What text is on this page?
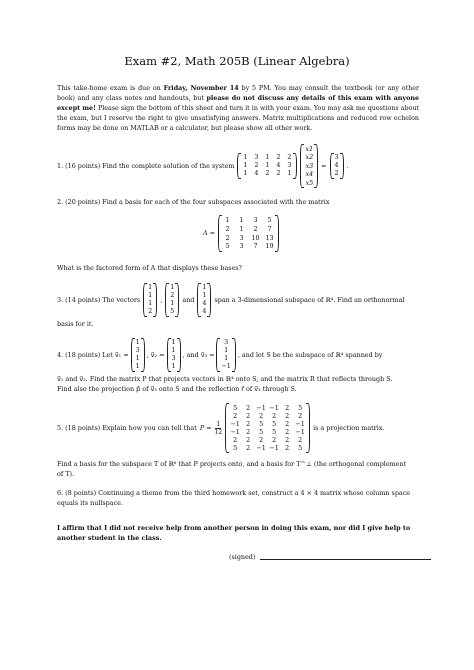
Exam #2, Math 205B (Linear Algebra)
This take-home exam is due on Friday, November 14 by 5 PM. You may consult the textbook (or any other book) and any class notes and handouts, but please do not discuss any details of this exam with anyone except me! Please sign the bottom of this sheet and turn it in with your exam. You may ask me questions about the exam, but I reserve the right to give unsatisfying answers. Matrix multiplications and reduced row echelon forms may be done on MATLAB or a calculator, but please show all other work.
1. (16 points) Find the complete solution of the system
1 3 1 2 2
1 2 1 4 3
1 4 2 2 1
x1
x2
x3
x4
x5
=
3
4
2
.
2. (20 points) Find a basis for each of the four subspaces associated with the matrix
A =
1	1	3	5
2	1	2	7
2	3	10 13
5	3	7	19
What is the factored form of A that displays these bases?
3. (14 points) The vectors
1
1
1
2
,
1
2
1
5
and
1
1
4
4
span a 3-dimensional subspace of ℝ⁴. Find an orthonormal
basis for it.
4. (18 points) Let v⃗₁ =
1
3
1
1
, v⃗₂ =
1
1
3
1
, and v⃗₃ =
3
1
1
−1
, and let S be the subspace of ℝ⁴ spanned by
v⃗₁ and v⃗₂. Find the matrix P that projects vectors in ℝ⁴ onto S, and the matrix R that reflects through S.
Find also the projection p⃗ of v⃗₃ onto S and the reflection r⃗ of v⃗₃ through S.
5. (18 points) Explain how you can tell that $P = \frac{1}{12}$
5	2 −1 −1 2	5
2	2	2	2	2	2
−1 2	5	5	2 −1
−1 2	5	5	2 −1
2	2	2	2	2	2
5	2 −1 −1 2	5
is a projection matrix.
Find a basis for the subspace T of ℝ⁶ that P projects onto, and a basis for T^⊥ (the orthogonal complement
of T).
6. (8 points) Continuing a theme from the third homework set, construct a 4 × 4 matrix whose column space
equals its nullspace.
I affirm that I did not receive help from another person in doing this exam, nor did I give help to another student in the class.
(signed)
